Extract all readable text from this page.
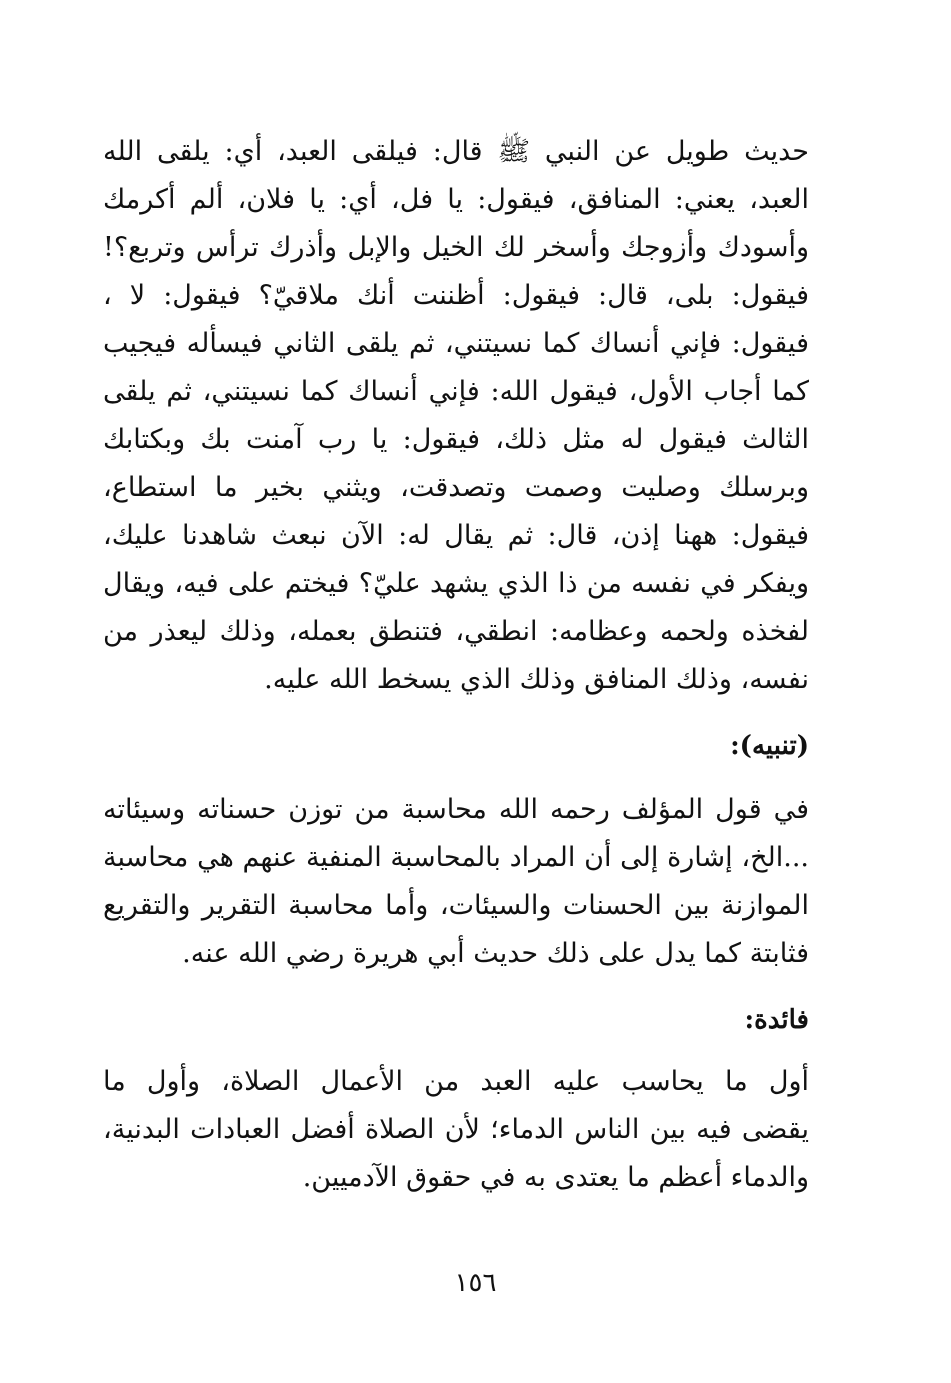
حديث طويل عن النبي ﷺ قال: فيلقى العبد، أي: يلقى الله
العبد، يعني: المنافق، فيقول: يا فل، أي: يا فلان، ألم أكرمك
وأسودك وأزوجك وأسخر لك الخيل والإبل وأذرك ترأس وتربع؟!
فيقول: بلى، قال: فيقول: أظننت أنك ملاقيّ؟ فيقول: لا ،
فيقول: فإني أنساك كما نسيتني، ثم يلقى الثاني فيسأله فيجيب
كما أجاب الأول، فيقول الله: فإني أنساك كما نسيتني، ثم يلقى
الثالث فيقول له مثل ذلك، فيقول: يا رب آمنت بك وبكتابك
وبرسلك وصليت وصمت وتصدقت، ويثني بخير ما استطاع،
فيقول: ههنا إذن، قال: ثم يقال له: الآن نبعث شاهدنا عليك،
ويفكر في نفسه من ذا الذي يشهد عليّ؟ فيختم على فيه، ويقال
لفخذه ولحمه وعظامه: انطقي، فتنطق بعمله، وذلك ليعذر من
نفسه، وذلك المنافق وذلك الذي يسخط الله عليه.
(تنبيه):
في قول المؤلف رحمه الله محاسبة من توزن حسناته وسيئاته
...الخ، إشارة إلى أن المراد بالمحاسبة المنفية عنهم هي محاسبة
الموازنة بين الحسنات والسيئات، وأما محاسبة التقرير والتقريع
فثابتة كما يدل على ذلك حديث أبي هريرة رضي الله عنه.
فائدة:
أول ما يحاسب عليه العبد من الأعمال الصلاة، وأول ما
يقضى فيه بين الناس الدماء؛ لأن الصلاة أفضل العبادات البدنية،
والدماء أعظم ما يعتدى به في حقوق الآدميين.
١٥٦
